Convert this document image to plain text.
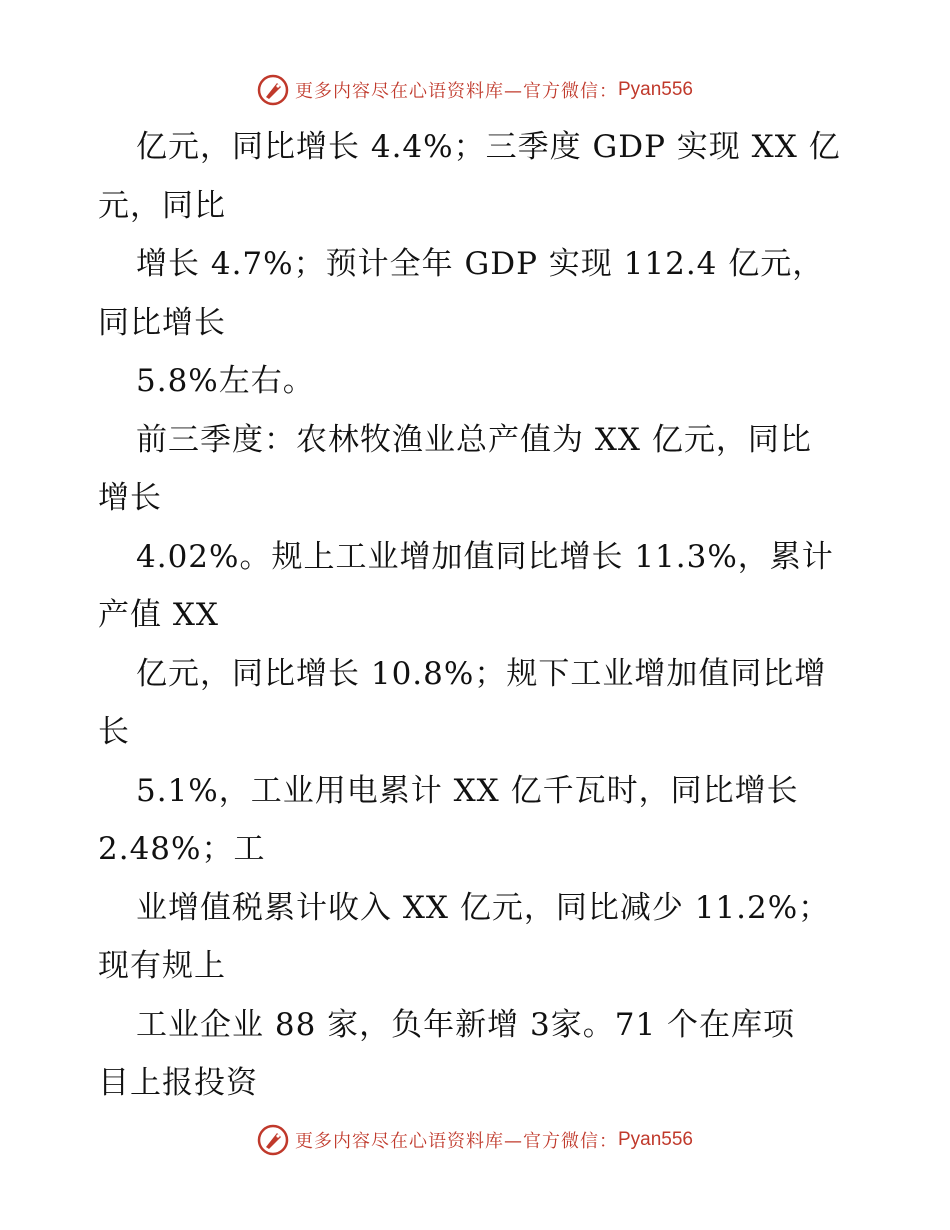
更多内容尽在心语资料库—官方微信： Pyan556
亿元，同比增长 4.4%；三季度 GDP 实现 XX 亿
元，同比
增长 4.7%；预计全年 GDP 实现 112.4 亿元，
同比增长
5.8%左右。
前三季度：农林牧渔业总产值为 XX 亿元，同比
增长
4.02%。规上工业增加值同比增长 11.3%，累计
产值 XX
亿元，同比增长 10.8%；规下工业增加值同比增
长
5.1%，工业用电累计 XX 亿千瓦时，同比增长
2.48%；工
业增值税累计收入 XX 亿元，同比减少 11.2%；
现有规上
工业企业 88 家，负年新增 3家。71 个在库项
目上报投资
更多内容尽在心语资料库—官方微信： Pyan556
